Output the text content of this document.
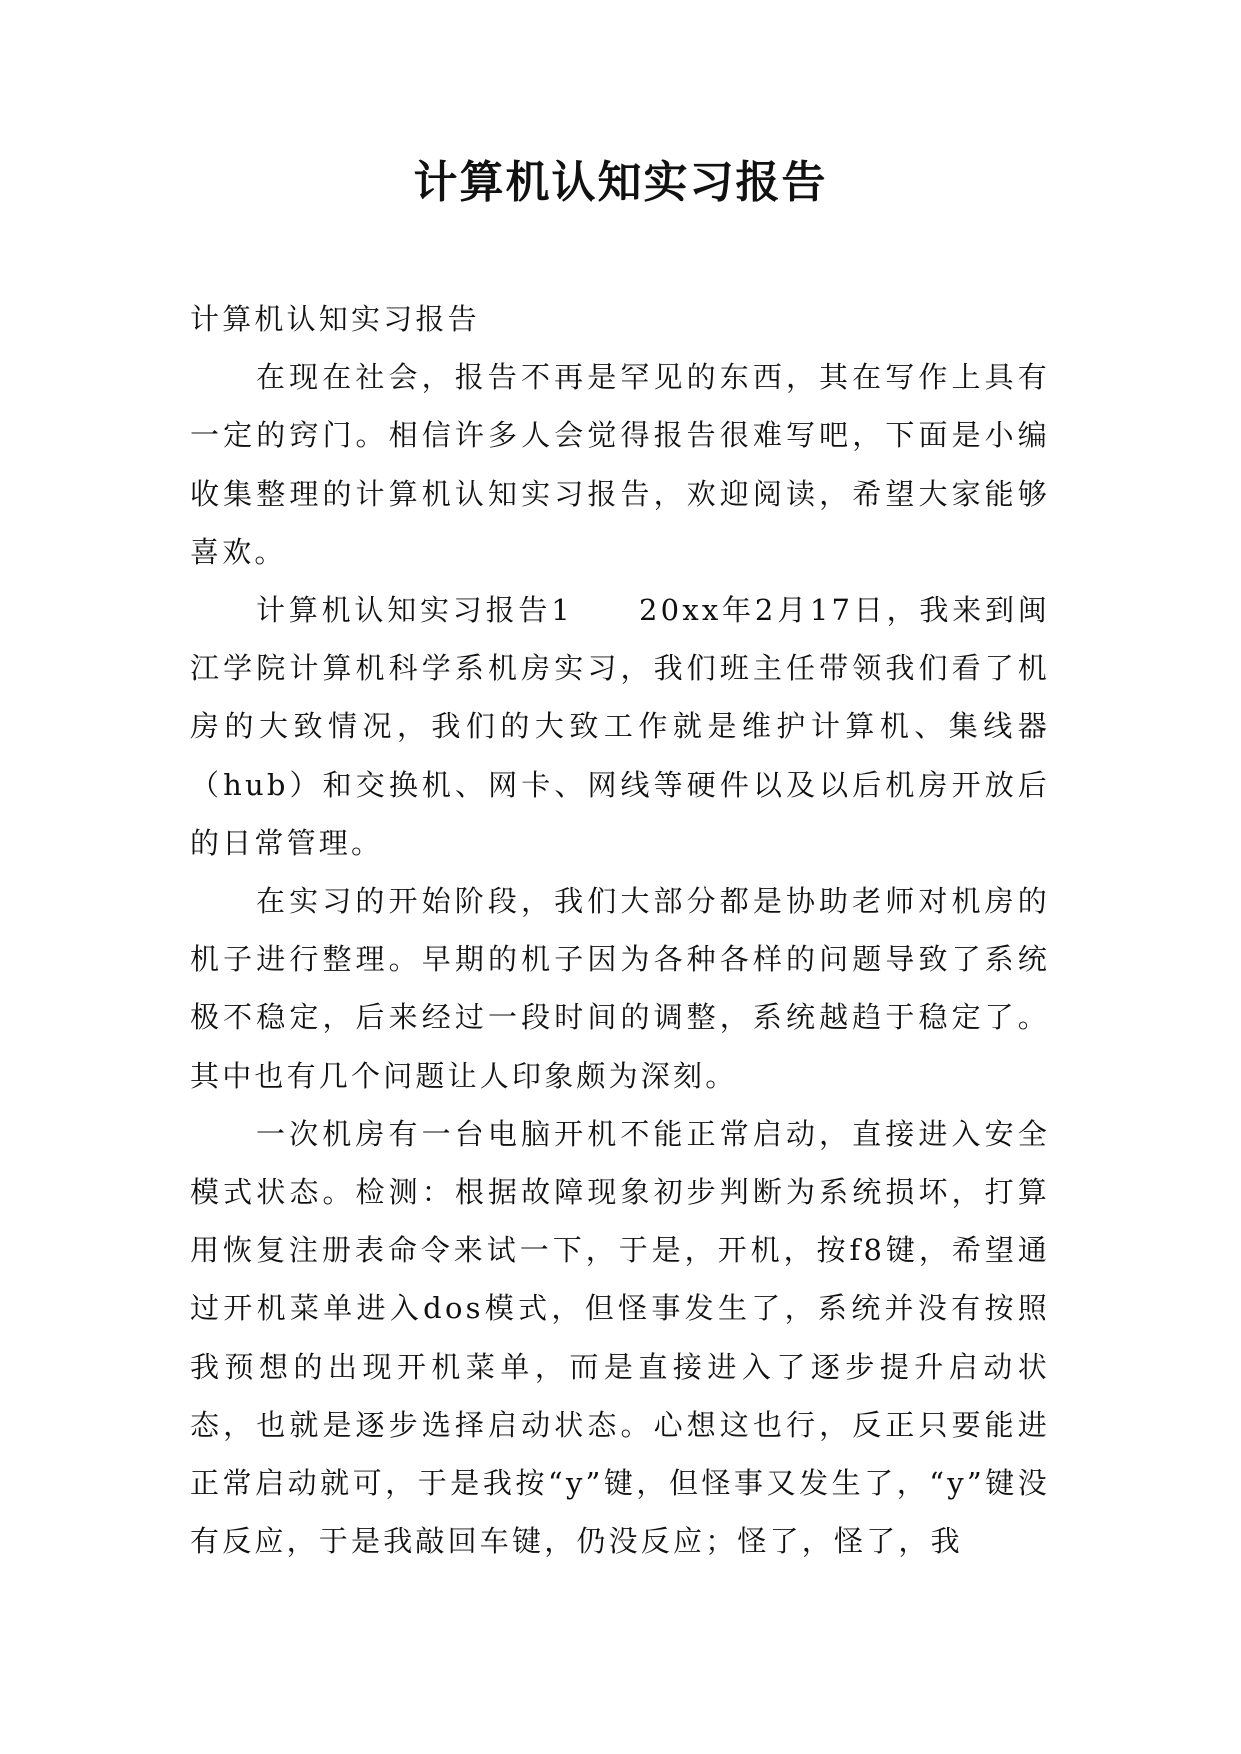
计算机认知实习报告

计算机认知实习报告

在现在社会，报告不再是罕见的东西，其在写作上具有一定的窍门。相信许多人会觉得报告很难写吧，下面是小编收集整理的计算机认知实习报告，欢迎阅读，希望大家能够喜欢。

计算机认知实习报告1　　20xx年2月17日，我来到闽江学院计算机科学系机房实习，我们班主任带领我们看了机房的大致情况，我们的大致工作就是维护计算机、集线器（hub）和交换机、网卡、网线等硬件以及以后机房开放后的日常管理。

在实习的开始阶段，我们大部分都是协助老师对机房的机子进行整理。早期的机子因为各种各样的问题导致了系统极不稳定，后来经过一段时间的调整，系统越趋于稳定了。其中也有几个问题让人印象颇为深刻。

一次机房有一台电脑开机不能正常启动，直接进入安全模式状态。检测：根据故障现象初步判断为系统损坏，打算用恢复注册表命令来试一下，于是，开机，按f8键，希望通过开机菜单进入dos模式，但怪事发生了，系统并没有按照我预想的出现开机菜单，而是直接进入了逐步提升启动状态，也就是逐步选择启动状态。心想这也行，反正只要能进正常启动就可，于是我按“y”键，但怪事又发生了，“y”键没有反应，于是我敲回车键，仍没反应；怪了，怪了，我
